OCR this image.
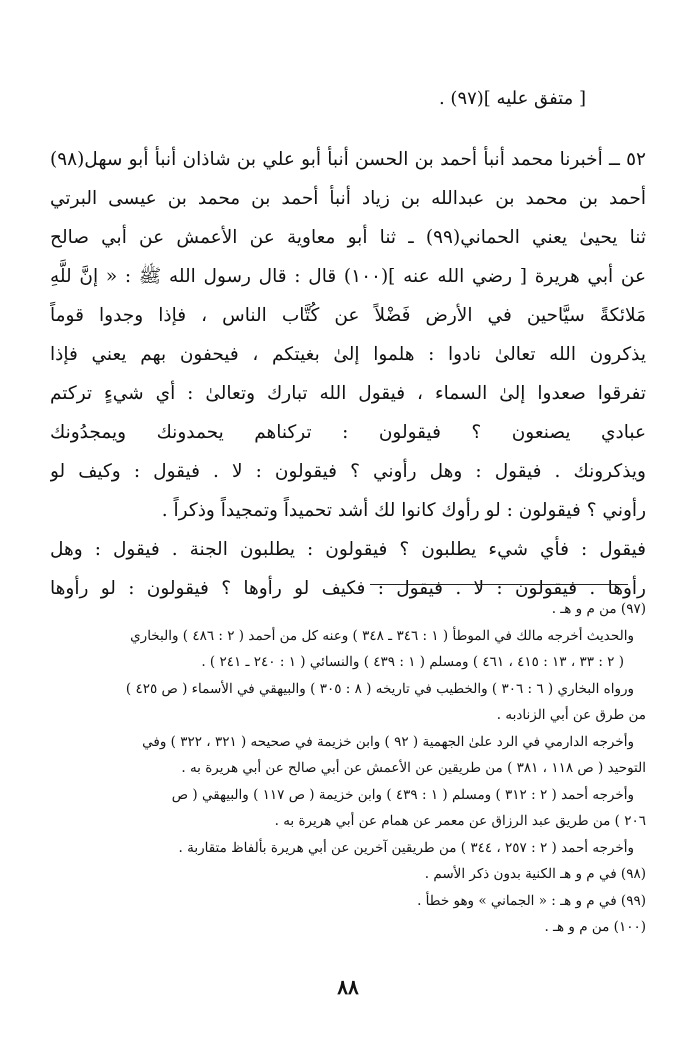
[ متفق عليه ](٩٧) .
٥٢ ــ أخبرنا محمد أنبأ أحمد بن الحسن أنبأ أبو علي بن شاذان أنبأ أبو سهل(٩٨)
أحمد بن محمد بن عبدالله بن زياد أنبأ أحمد بن محمد بن عيسى البرتي
ثنا يحيىٰ يعني الحماني(٩٩) ـ ثنا أبو معاوية عن الأعمش عن أبي صالح
عن أبي هريرة [ رضي الله عنه ](١٠٠) قال : قال رسول الله ﷺ : « إنَّ للَّهِ
مَلائكةً سيَّاحين في الأرض فَضْلاً عن كُتَّاب الناس ، فإذا وجدوا قوماً
يذكرون الله تعالىٰ نادوا : هلموا إلىٰ بغيتكم ، فيحفون بهم يعني فإذا
تفرقوا صعدوا إلىٰ السماء ، فيقول الله تبارك وتعالىٰ : أي شيءٍ تركتم
عبادي يصنعون ؟ فيقولون : تركناهم يحمدونك ويمجدُونك
ويذكرونك . فيقول : وهل رأوني ؟ فيقولون : لا . فيقول : وكيف لو
رأوني ؟ فيقولون : لو رأوك كانوا لك أشد تحميداً وتمجيداً وذكراً .
فيقول : فأي شيء يطلبون ؟ فيقولون : يطلبون الجنة . فيقول : وهل
رأوها . فيقولون : لا . فيقول : فكيف لو رأوها ؟ فيقولون : لو رأوها
(٩٧) من م و هـ .
والحديث أخرجه مالك في الموطأ ( ١ : ٣٤٦ ـ ٣٤٨ ) وعنه كل من أحمد ( ٢ : ٤٨٦ ) والبخاري
( ٢ : ٣٣ ، ١٣ : ٤١٥ ، ٤٦١ ) ومسلم ( ١ : ٤٣٩ ) والنسائي ( ١ : ٢٤٠ ـ ٢٤١ ) .
ورواه البخاري ( ٦ : ٣٠٦ ) والخطيب في تاريخه ( ٨ : ٣٠٥ ) والبيهقي في الأسماء ( ص ٤٢٥ )
من طرق عن أبي الزنادبه .
وأخرجه الدارمي في الرد علىٰ الجهمية ( ٩٢ ) وابن خزيمة في صحيحه ( ٣٢١ ، ٣٢٢ ) وفي
التوحيد ( ص ١١٨ ، ٣٨١ ) من طريقين عن الأعمش عن أبي صالح عن أبي هريرة به .
وأخرجه أحمد ( ٢ : ٣١٢ ) ومسلم ( ١ : ٤٣٩ ) وابن خزيمة ( ص ١١٧ ) والبيهقي ( ص
٢٠٦ ) من طريق عبد الرزاق عن معمر عن همام عن أبي هريرة به .
وأخرجه أحمد ( ٢ : ٢٥٧ ، ٣٤٤ ) من طريقين آخرين عن أبي هريرة بألفاظ متقاربة .
(٩٨) في م و هـ الكنية بدون ذكر الأسم .
(٩٩) في م و هـ : « الجماني » وهو خطأ .
(١٠٠) من م و هـ .
٨٨
